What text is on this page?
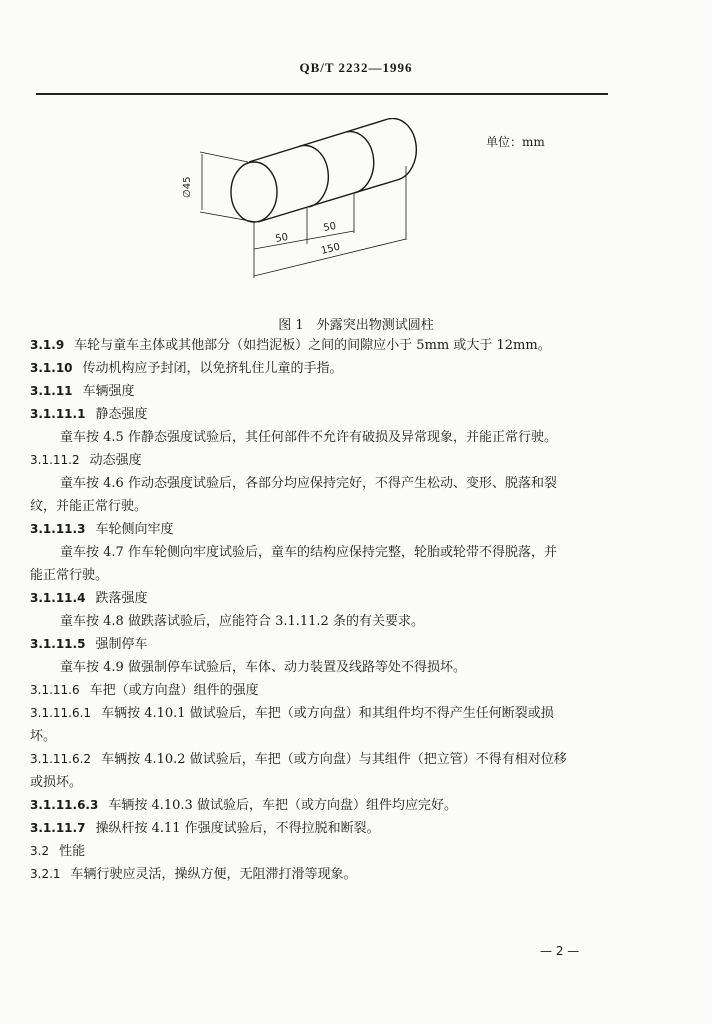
QB/T 2232—1996
单位：mm
∅45
50
50
150
图 1　外露突出物测试圆柱
3.1.9 车轮与童车主体或其他部分（如挡泥板）之间的间隙应小于 5mm 或大于 12mm。
3.1.10 传动机构应予封闭，以免挤轧住儿童的手指。
3.1.11 车辆强度
3.1.11.1 静态强度
童车按 4.5 作静态强度试验后，其任何部件不允许有破损及异常现象，并能正常行驶。
3.1.11.2 动态强度
童车按 4.6 作动态强度试验后，各部分均应保持完好，不得产生松动、变形、脱落和裂
纹，并能正常行驶。
3.1.11.3 车轮侧向牢度
童车按 4.7 作车轮侧向牢度试验后，童车的结构应保持完整，轮胎或轮带不得脱落，并
能正常行驶。
3.1.11.4 跌落强度
童车按 4.8 做跌落试验后，应能符合 3.1.11.2 条的有关要求。
3.1.11.5 强制停车
童车按 4.9 做强制停车试验后，车体、动力装置及线路等处不得损坏。
3.1.11.6 车把（或方向盘）组件的强度
3.1.11.6.1 车辆按 4.10.1 做试验后，车把（或方向盘）和其组件均不得产生任何断裂或损
坏。
3.1.11.6.2 车辆按 4.10.2 做试验后，车把（或方向盘）与其组件（把立管）不得有相对位移
或损坏。
3.1.11.6.3 车辆按 4.10.3 做试验后，车把（或方向盘）组件均应完好。
3.1.11.7 操纵杆按 4.11 作强度试验后，不得拉脱和断裂。
3.2 性能
3.2.1 车辆行驶应灵活，操纵方便，无阻滞打滑等现象。
— 2 —
